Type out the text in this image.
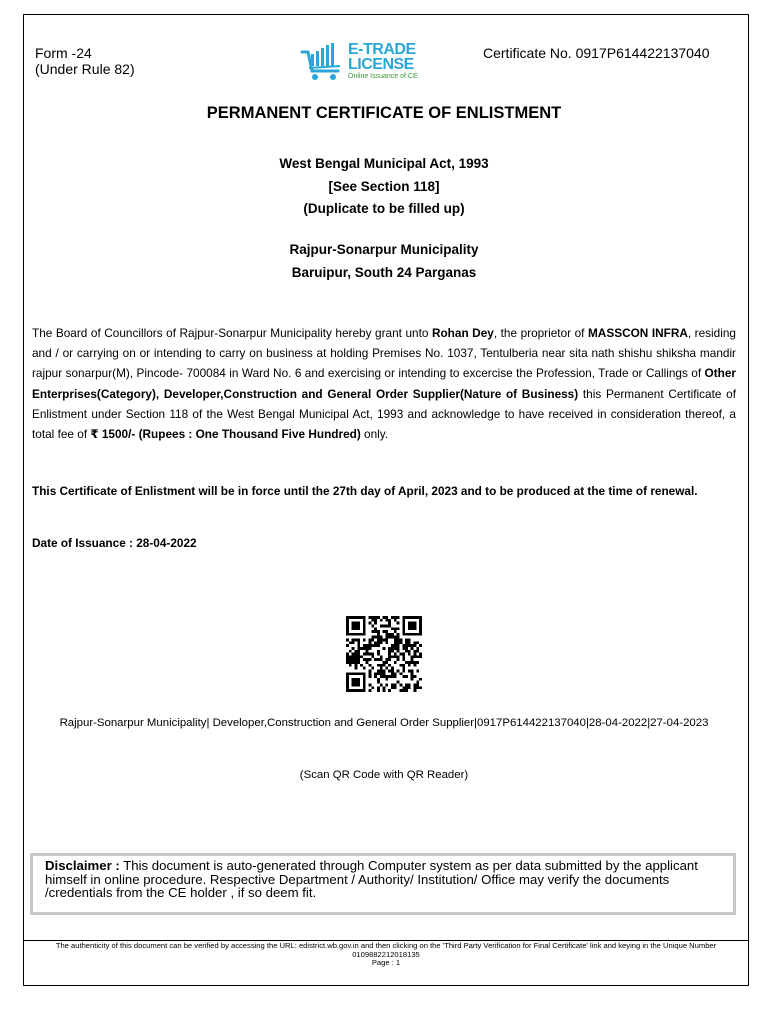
Form -24
(Under Rule 82)
E-TRADE
LICENSE
Online Issuance of CE
Certificate No. 0917P614422137040
PERMANENT CERTIFICATE OF ENLISTMENT
West Bengal Municipal Act, 1993
[See Section 118]
(Duplicate to be filled up)
Rajpur-Sonarpur Municipality
Baruipur, South 24 Parganas
The Board of Councillors of Rajpur-Sonarpur Municipality hereby grant unto Rohan Dey, the proprietor of MASSCON INFRA, residing and / or carrying on or intending to carry on business at holding Premises No. 1037, Tentulberia near sita nath shishu shiksha mandir rajpur sonarpur(M), Pincode- 700084 in Ward No. 6 and exercising or intending to excercise the Profession, Trade or Callings of Other Enterprises(Category), Developer,Construction and General Order Supplier(Nature of Business) this Permanent Certificate of Enlistment under Section 118 of the West Bengal Municipal Act, 1993 and acknowledge to have received in consideration thereof, a total fee of ₹ 1500/- (Rupees : One Thousand Five Hundred) only.
This Certificate of Enlistment will be in force until the 27th day of April, 2023 and to be produced at the time of renewal.
Date of Issuance : 28-04-2022
Rajpur-Sonarpur Municipality| Developer,Construction and General Order Supplier|0917P614422137040|28-04-2022|27-04-2023
(Scan QR Code with QR Reader)
Disclaimer : This document is auto-generated through Computer system as per data submitted by the applicant himself in online procedure. Respective Department / Authority/ Institution/ Office may verify the documents /credentials from the CE holder , if so deem fit.
The authenticity of this document can be verified by accessing the URL: edistrict.wb.gov.in and then clicking on the 'Third Party Verification for Final Certificate' link and keying in the Unique Number 0109882212018135
Page : 1
